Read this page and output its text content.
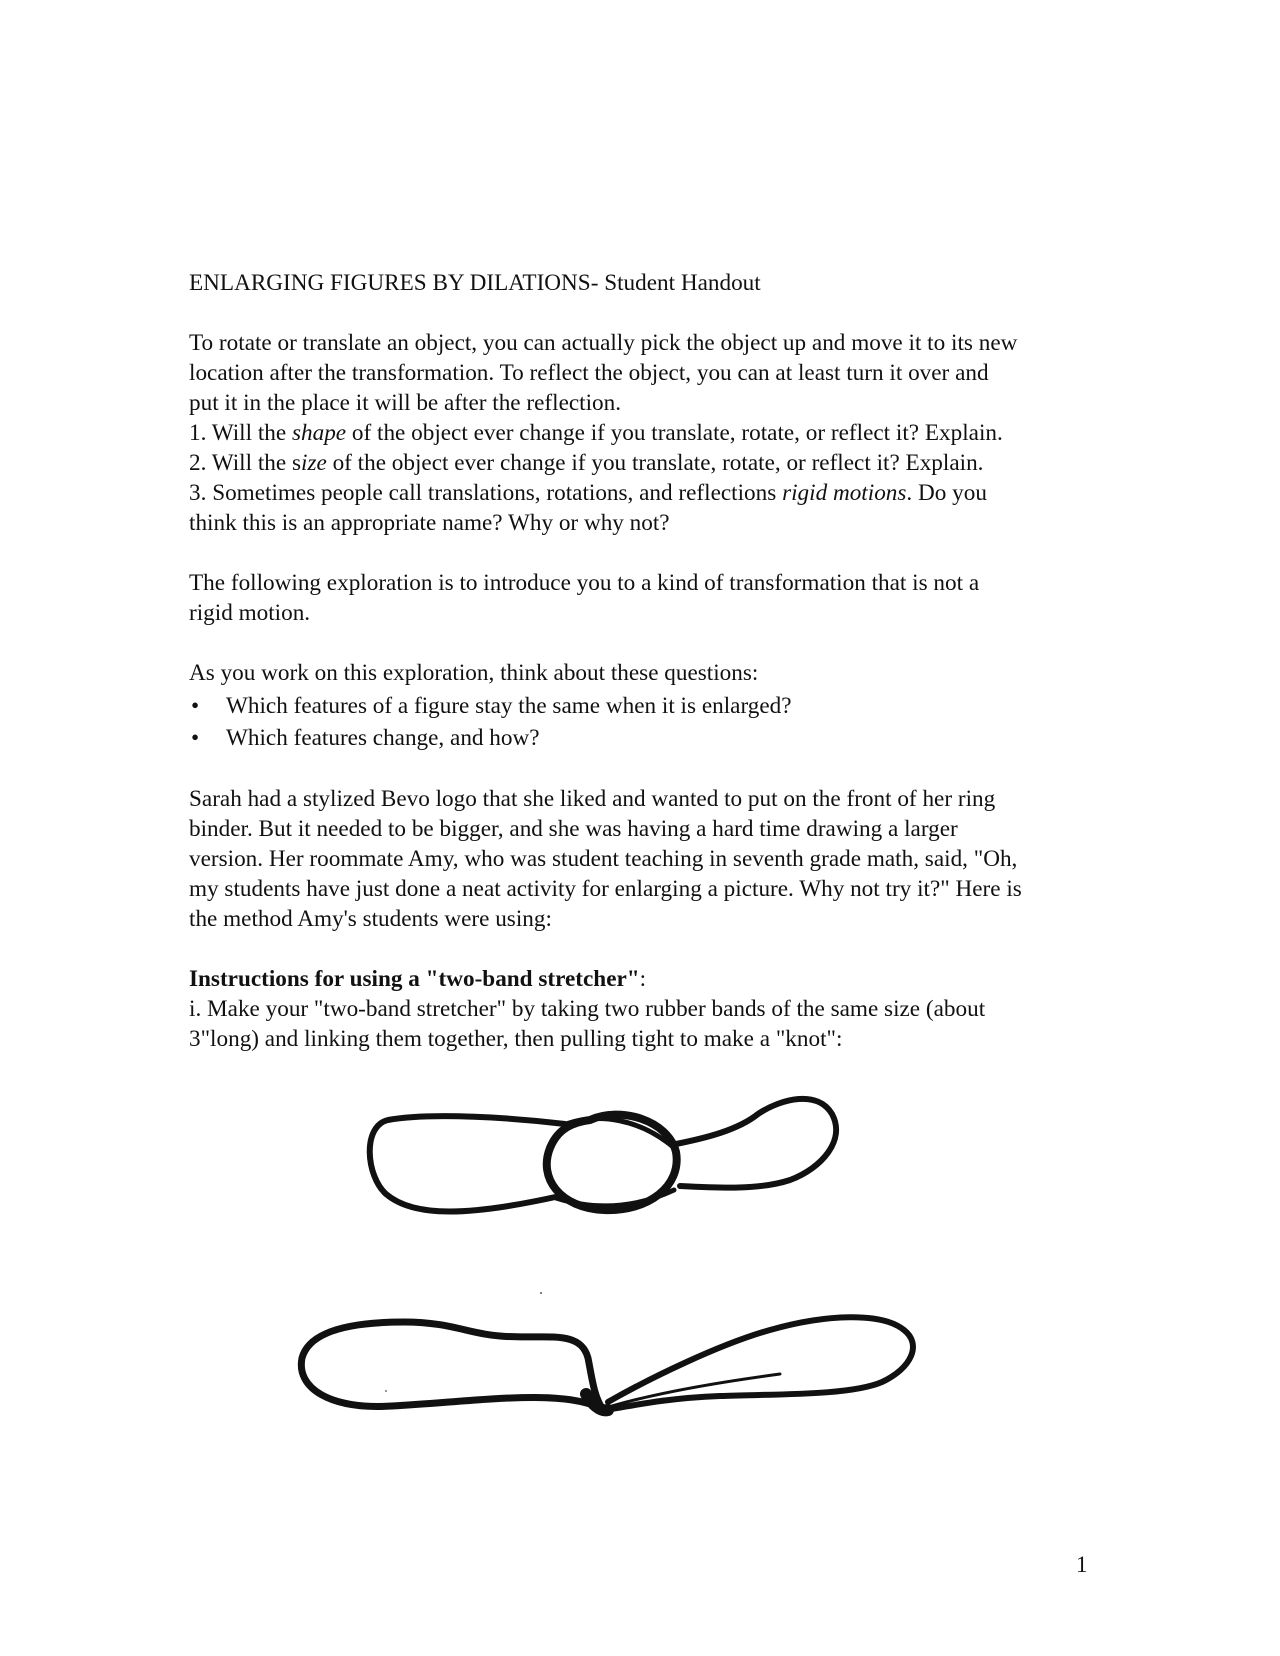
ENLARGING FIGURES BY DILATIONS- Student Handout

To rotate or translate an object, you can actually pick the object up and move it to its new

location after the transformation. To reflect the object, you can at least turn it over and

put it in the place it will be after the reflection.

1. Will the shape of the object ever change if you translate, rotate, or reflect it? Explain.

2. Will the size of the object ever change if you translate, rotate, or reflect it? Explain.

3. Sometimes people call translations, rotations, and reflections rigid motions. Do you

think this is an appropriate name? Why or why not?

The following exploration is to introduce you to a kind of transformation that is not a

rigid motion.

As you work on this exploration, think about these questions:

• Which features of a figure stay the same when it is enlarged?
• Which features change, and how?

Sarah had a stylized Bevo logo that she liked and wanted to put on the front of her ring

binder. But it needed to be bigger, and she was having a hard time drawing a larger

version. Her roommate Amy, who was student teaching in seventh grade math, said, "Oh,

my students have just done a neat activity for enlarging a picture. Why not try it?" Here is

the method Amy's students were using:

Instructions for using a "two-band stretcher":

i. Make your "two-band stretcher" by taking two rubber bands of the same size (about

3"long) and linking them together, then pulling tight to make a "knot":

1
